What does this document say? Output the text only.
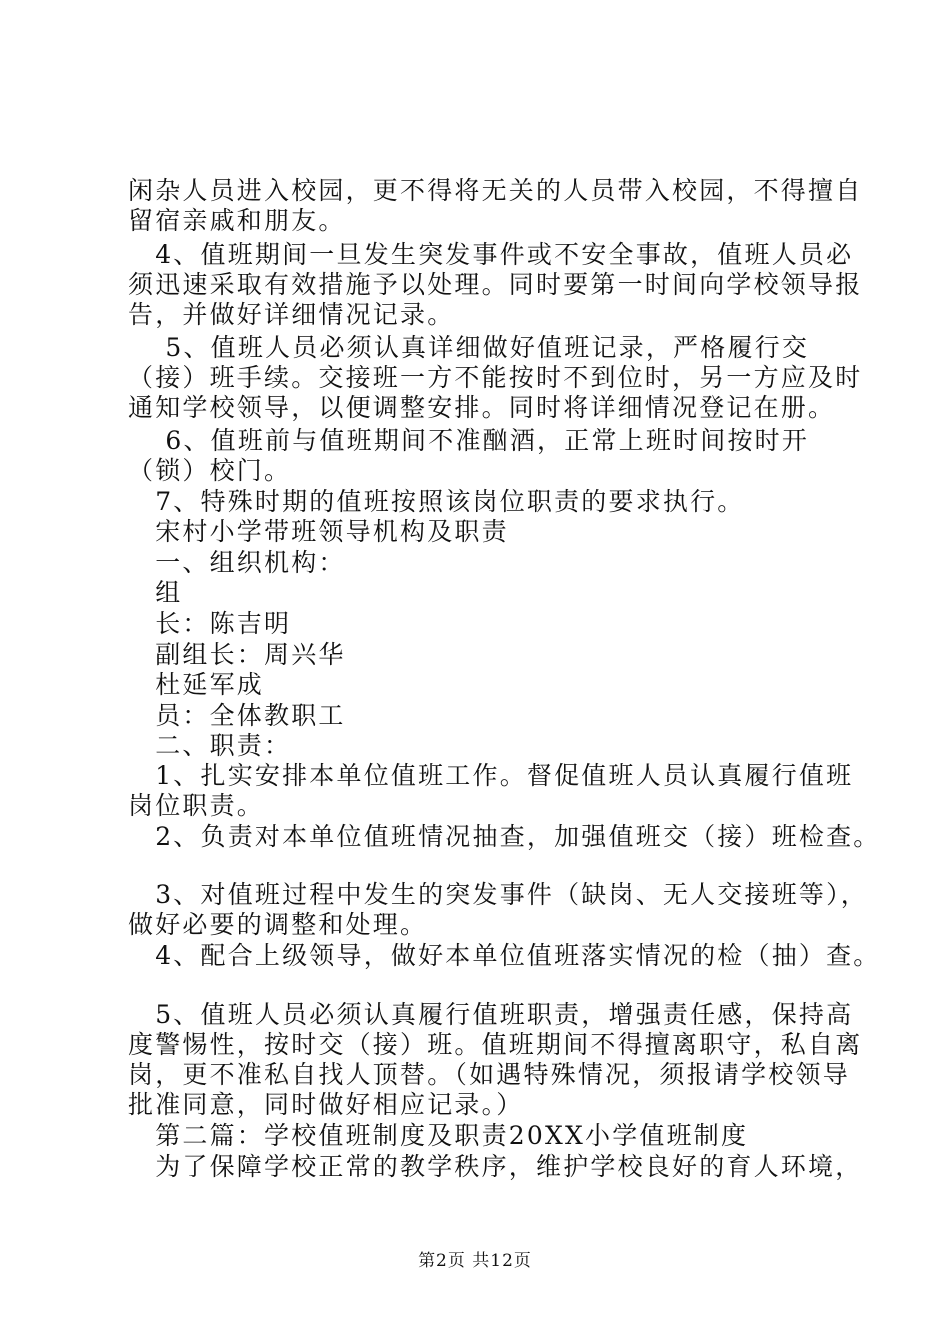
闲杂人员进入校园，更不得将无关的人员带入校园，不得擅自
留宿亲戚和朋友。
　4、值班期间一旦发生突发事件或不安全事故，值班人员必
须迅速采取有效措施予以处理。同时要第一时间向学校领导报
告，并做好详细情况记录。
　 5、值班人员必须认真详细做好值班记录，严格履行交
（接）班手续。交接班一方不能按时不到位时，另一方应及时
通知学校领导，以便调整安排。同时将详细情况登记在册。
　 6、值班前与值班期间不准酗酒，正常上班时间按时开
（锁）校门。
　7、特殊时期的值班按照该岗位职责的要求执行。
　宋村小学带班领导机构及职责
　一、组织机构：
　组
　长：陈吉明
　副组长：周兴华
　杜延军成
　员：全体教职工
　二、职责：
　1、扎实安排本单位值班工作。督促值班人员认真履行值班
岗位职责。
　2、负责对本单位值班情况抽查，加强值班交（接）班检查。
　3、对值班过程中发生的突发事件（缺岗、无人交接班等），
做好必要的调整和处理。
　4、配合上级领导，做好本单位值班落实情况的检（抽）查。
　5、值班人员必须认真履行值班职责，增强责任感，保持高
度警惕性，按时交（接）班。值班期间不得擅离职守，私自离
岗，更不准私自找人顶替。（如遇特殊情况，须报请学校领导
批准同意，同时做好相应记录。）
　第二篇：学校值班制度及职责20XX小学值班制度
　为了保障学校正常的教学秩序，维护学校良好的育人环境，
第2页 共12页
